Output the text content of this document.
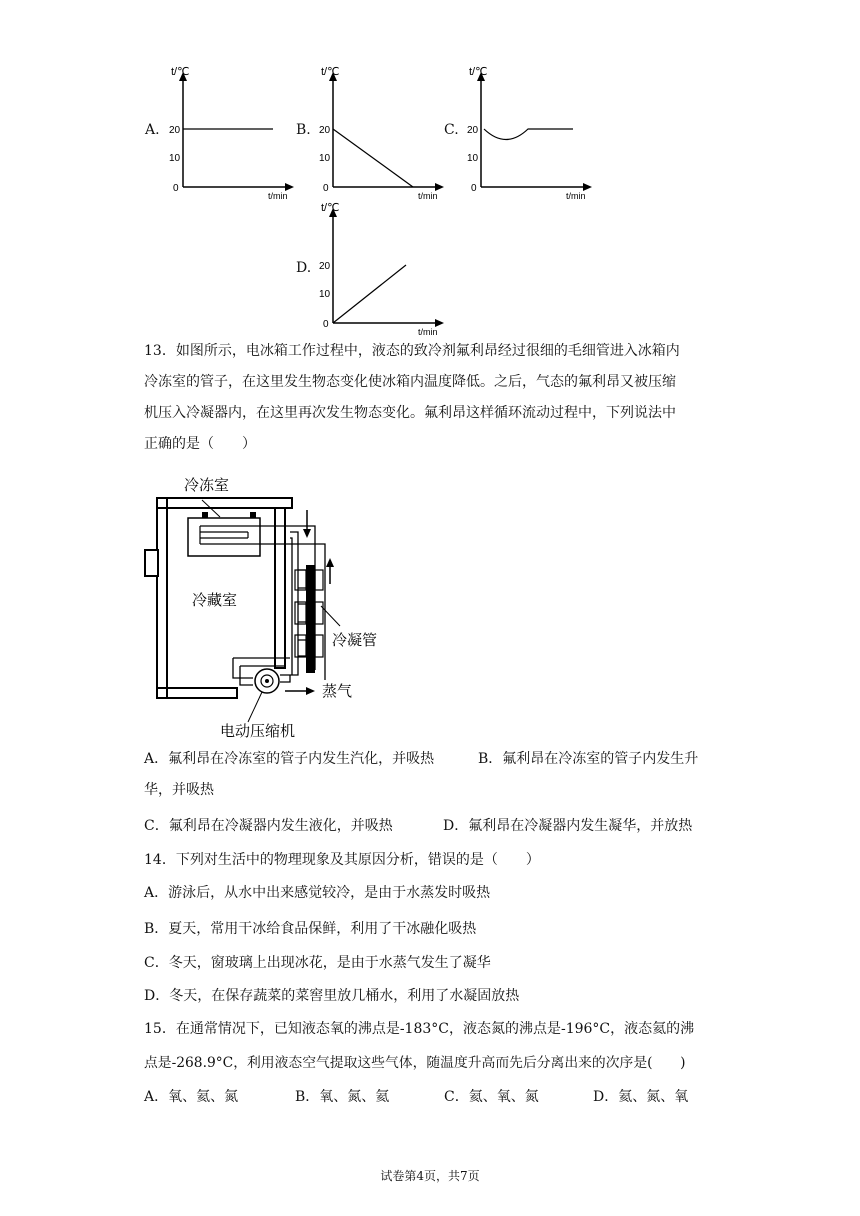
A.
t/℃
t/min
20
10
0
B.
t/℃
t/min
20
10
0
C.
t/℃
t/min
20
10
0
D.
t/℃
t/min
20
10
0
13．如图所示，电冰箱工作过程中，液态的致冷剂氟利昂经过很细的毛细管进入冰箱内
冷冻室的管子，在这里发生物态变化使冰箱内温度降低。之后，气态的氟利昂又被压缩
机压入冷凝器内，在这里再次发生物态变化。氟利昂这样循环流动过程中，下列说法中
正确的是（　　）
冷冻室
冷藏室
冷凝管
蒸气
电动压缩机
A．氟利昂在冷冻室的管子内发生汽化，并吸热	B．氟利昂在冷冻室的管子内发生升
华，并吸热
C．氟利昂在冷凝器内发生液化，并吸热	D．氟利昂在冷凝器内发生凝华，并放热
14．下列对生活中的物理现象及其原因分析，错误的是（　　）
A．游泳后，从水中出来感觉较冷，是由于水蒸发时吸热
B．夏天，常用干冰给食品保鲜，利用了干冰融化吸热
C．冬天，窗玻璃上出现冰花，是由于水蒸气发生了凝华
D．冬天，在保存蔬菜的菜窖里放几桶水，利用了水凝固放热
15．在通常情况下，已知液态氧的沸点是-183°C，液态氮的沸点是-196°C，液态氦的沸
点是-268.9°C，利用液态空气提取这些气体，随温度升高而先后分离出来的次序是(　　)
A．氧、氦、氮	B．氧、氮、氦	C．氦、氧、氮	D．氦、氮、氧
试卷第4页，共7页
